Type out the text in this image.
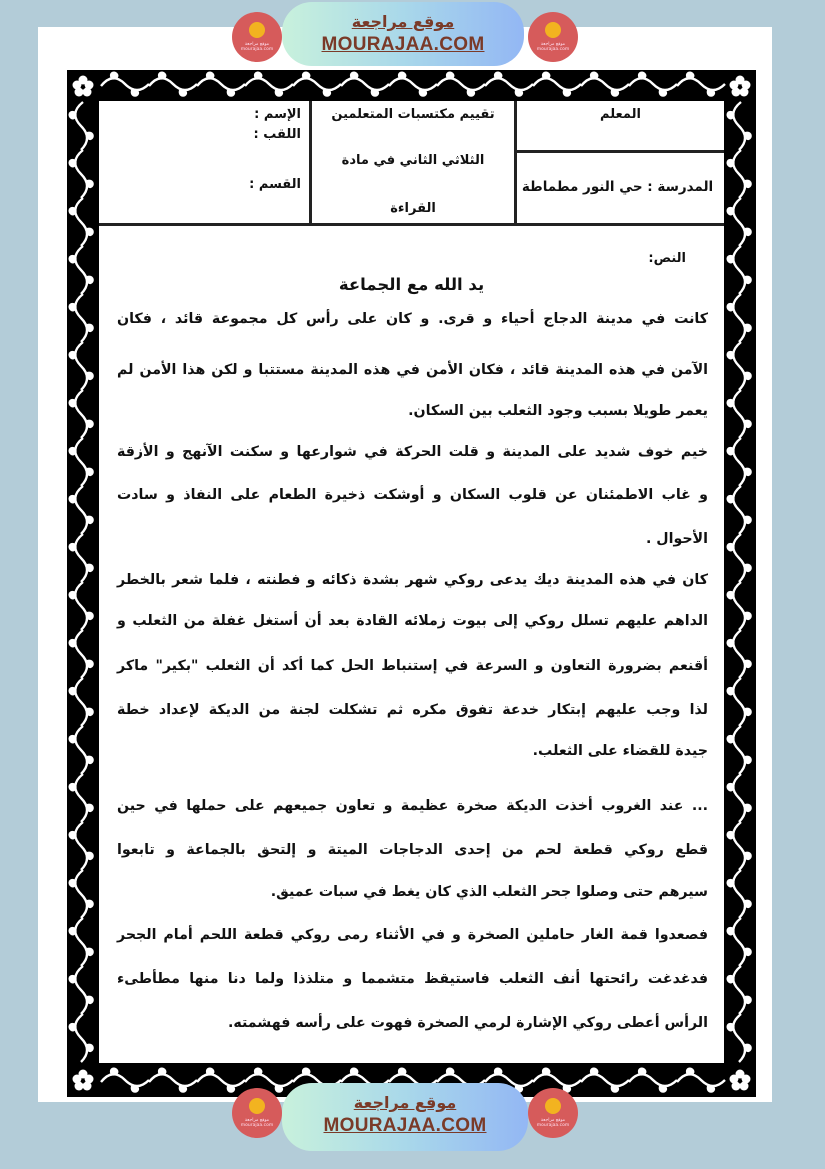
المعلم
المدرسة : حي النور مطماطة
تقييم مكتسبات المتعلمين
الثلاثي الثاني في مادة
القراءة
الإسم :
اللقب :
القسم :
النص:
يد الله مع الجماعة
كانت في مدينة الدجاج أحياء و قرى. و كان على رأس كل مجموعة قائد ، فكان
الآمن في هذه المدينة قائد ، فكان الأمن في هذه المدينة مستتبا و لكن هذا الأمن لم
يعمر طويلا بسبب وجود الثعلب بين السكان.
خيم خوف شديد على المدينة و قلت الحركة في شوارعها و سكنت الآنهج و الأزقة
و غاب الاطمئنان عن قلوب السكان و أوشكت ذخيرة الطعام على النفاذ و سادت
الأحوال .
كان في هذه المدينة ديك يدعى روكي شهر بشدة ذكائه و فطنته ، فلما شعر بالخطر
الداهم عليهم تسلل روكي إلى بيوت زملائه القادة بعد أن أستغل غفلة من الثعلب و
أقنعم بضرورة التعاون و السرعة في إستنباط الحل كما أكد أن الثعلب "بكير" ماكر
لذا وجب عليهم إبتكار خدعة تفوق مكره ثم تشكلت لجنة من الديكة لإعداد خطة
جيدة للقضاء على الثعلب.
... عند الغروب أخذت الديكة صخرة عظيمة و تعاون جميعهم على حملها في حين
قطع روكي قطعة لحم من إحدى الدجاجات الميتة و إلتحق بالجماعة و تابعوا
سيرهم حتى وصلوا جحر الثعلب الذي كان يغط في سبات عميق.
فصعدوا قمة الغار حاملين الصخرة و في الأثناء رمى روكي قطعة اللحم أمام الجحر
فدغدغت رائحتها أنف الثعلب فاستيقظ متشمما و متلذذا ولما دنا منها مطأطىء
الرأس أعطى روكي الإشارة لرمي الصخرة فهوت على رأسه فهشمته.
موقع مراجعة
mourajaa.com
موقع مراجعة
MOURAJAA.COM	موقع مراجعة
mourajaa.com
موقع مراجعة
mourajaa.com
موقع مراجعة
MOURAJAA.COM	موقع مراجعة
mourajaa.com
